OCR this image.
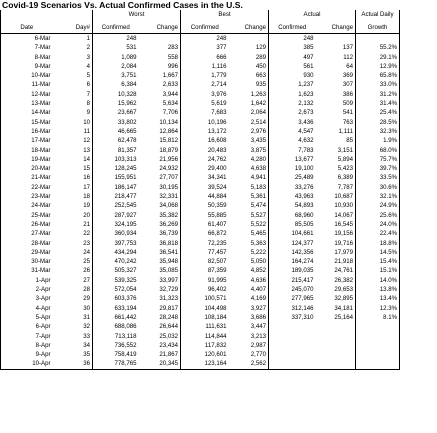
Covid-19 Scenarios Vs. Actual Confirmed Cases in the U.S.
		Worst		Best		Actual		Actual Daily
Date	Day#	Confirmed	Change	Confirmed	Change	Confirmed	Change	Growth
6-Mar	1	248		248		248		
7-Mar	2	531	283	377	129	385	137	55.2%
8-Mar	3	1,089	558	666	289	497	112	29.1%
9-Mar	4	2,084	996	1,116	450	561	64	12.9%
10-Mar	5	3,751	1,667	1,779	663	930	369	65.8%
11-Mar	6	6,384	2,633	2,714	935	1,237	307	33.0%
12-Mar	7	10,328	3,944	3,976	1,263	1,623	386	31.2%
13-Mar	8	15,962	5,634	5,619	1,642	2,132	509	31.4%
14-Mar	9	23,667	7,706	7,683	2,064	2,673	541	25.4%
15-Mar	10	33,802	10,134	10,196	2,514	3,436	763	28.5%
16-Mar	11	46,665	12,864	13,172	2,976	4,547	1,111	32.3%
17-Mar	12	62,478	15,812	16,608	3,435	4,632	85	1.9%
18-Mar	13	81,357	18,879	20,483	3,875	7,783	3,151	68.0%
19-Mar	14	103,313	21,956	24,762	4,280	13,677	5,894	75.7%
20-Mar	15	128,245	24,932	29,400	4,638	19,100	5,423	39.7%
21-Mar	16	155,951	27,707	34,341	4,941	25,489	6,389	33.5%
22-Mar	17	186,147	30,195	39,524	5,183	33,276	7,787	30.6%
23-Mar	18	218,477	32,331	44,884	5,361	43,963	10,687	32.1%
24-Mar	19	252,545	34,068	50,359	5,474	54,893	10,930	24.9%
25-Mar	20	287,927	35,382	55,885	5,527	68,960	14,067	25.6%
26-Mar	21	324,195	36,269	61,407	5,522	85,505	16,545	24.0%
27-Mar	22	360,934	36,739	66,872	5,465	104,661	19,156	22.4%
28-Mar	23	397,753	36,818	72,235	5,363	124,377	19,716	18.8%
29-Mar	24	434,294	36,541	77,457	5,222	142,356	17,979	14.5%
30-Mar	25	470,242	35,948	82,507	5,050	164,274	21,918	15.4%
31-Mar	26	505,327	35,085	87,359	4,852	189,035	24,761	15.1%
1-Apr	27	539,325	33,997	91,995	4,636	215,417	26,382	14.0%
2-Apr	28	572,054	32,729	96,402	4,407	245,070	29,653	13.8%
3-Apr	29	603,376	31,323	100,571	4,169	277,965	32,895	13.4%
4-Apr	30	633,194	29,817	104,498	3,927	312,146	34,181	12.3%
5-Apr	31	661,442	28,248	108,184	3,686	337,310	25,164	8.1%
6-Apr	32	688,086	26,644	111,631	3,447			
7-Apr	33	713,118	25,032	114,844	3,213			
8-Apr	34	736,552	23,434	117,832	2,987			
9-Apr	35	758,419	21,867	120,601	2,770			
10-Apr	36	778,765	20,345	123,164	2,562			
